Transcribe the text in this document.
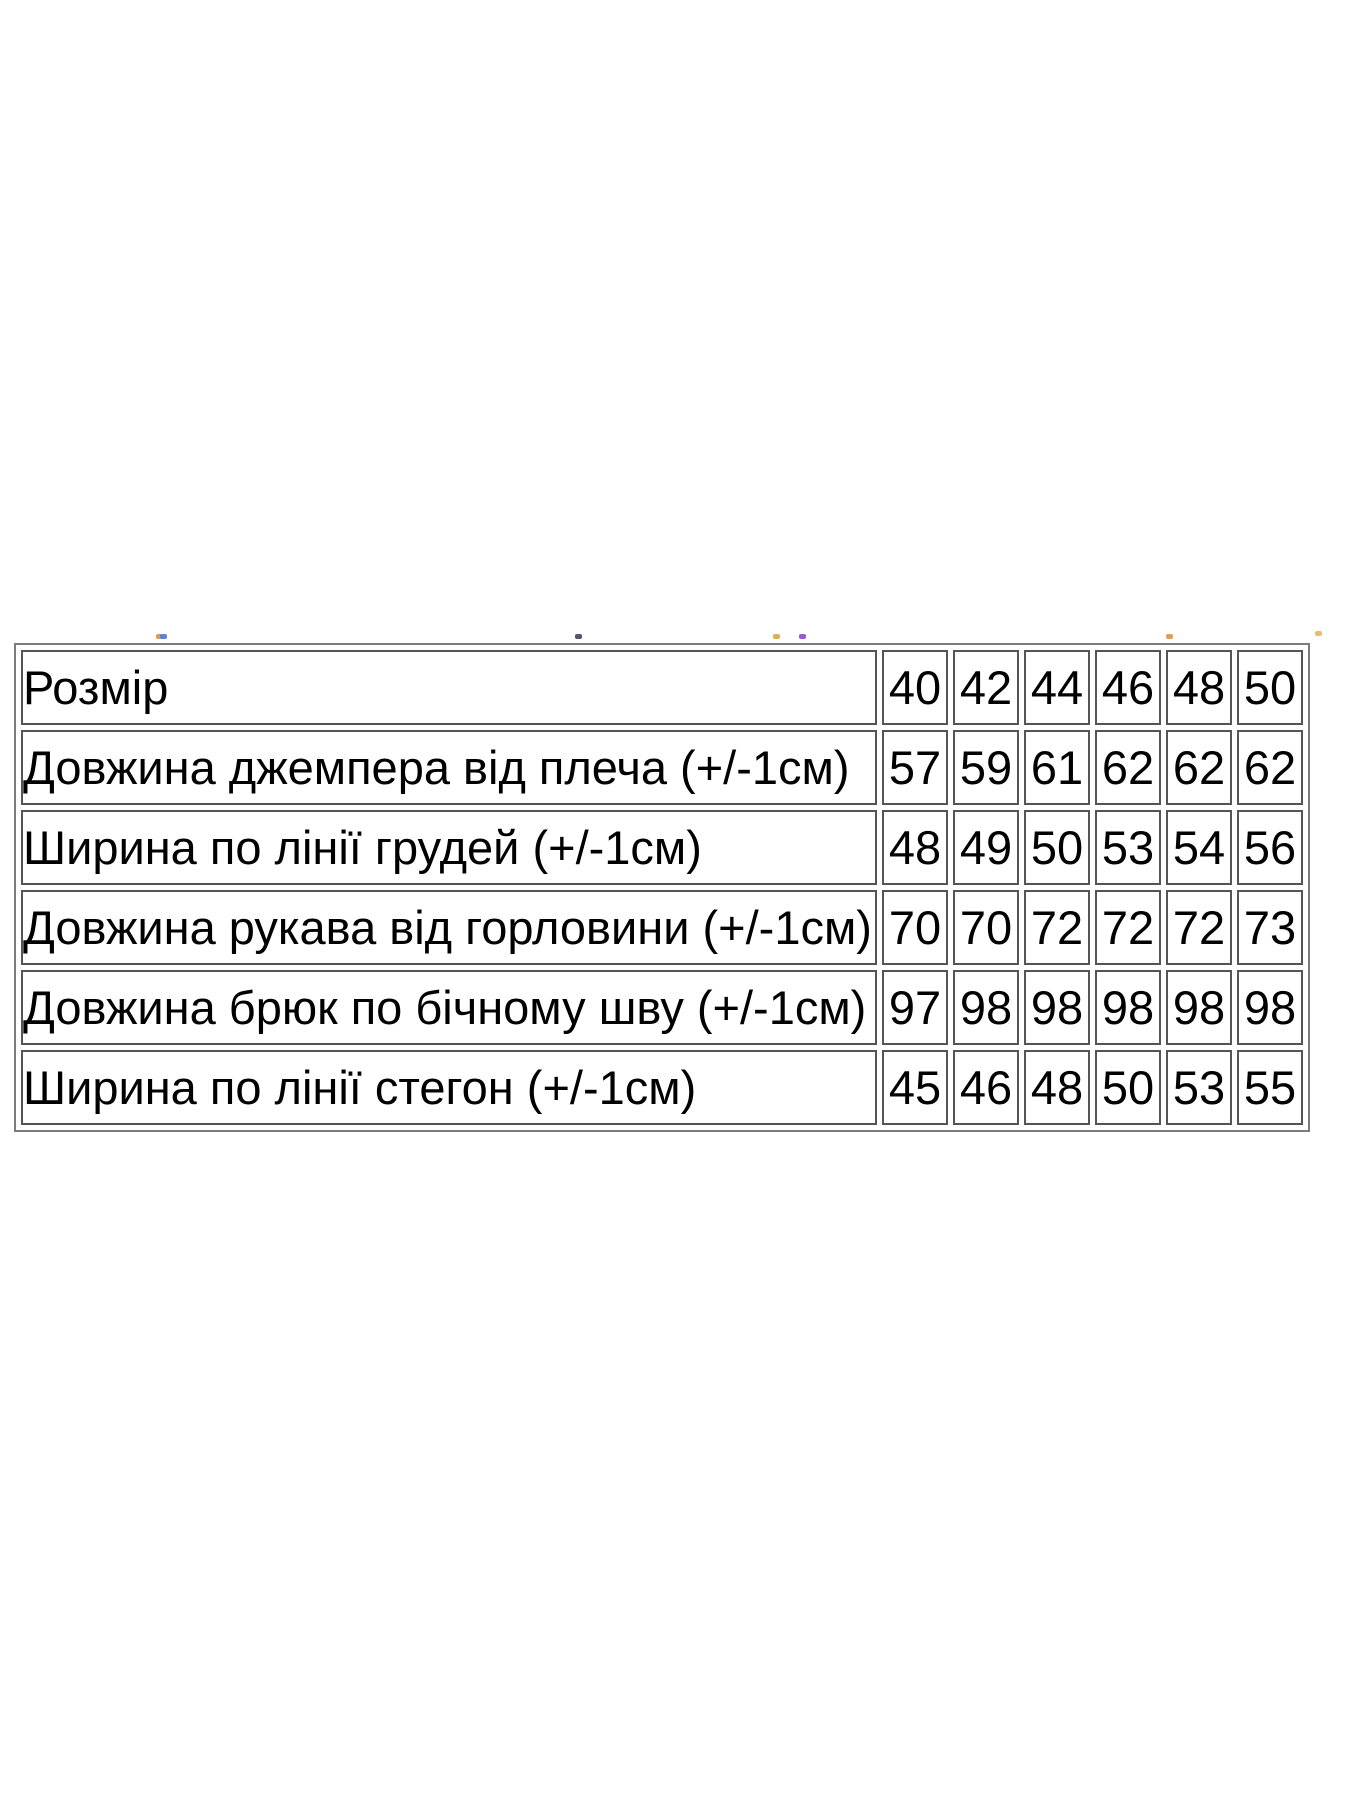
Розмір	40	42	44	46	48	50
Довжина джемпера від плеча (+/-1см)	57	59	61	62	62	62
Ширина по лінії грудей (+/-1см)	48	49	50	53	54	56
Довжина рукава від горловини (+/-1см)	70	70	72	72	72	73
Довжина брюк по бічному шву (+/-1см)	97	98	98	98	98	98
Ширина по лінії стегон (+/-1см)	45	46	48	50	53	55
